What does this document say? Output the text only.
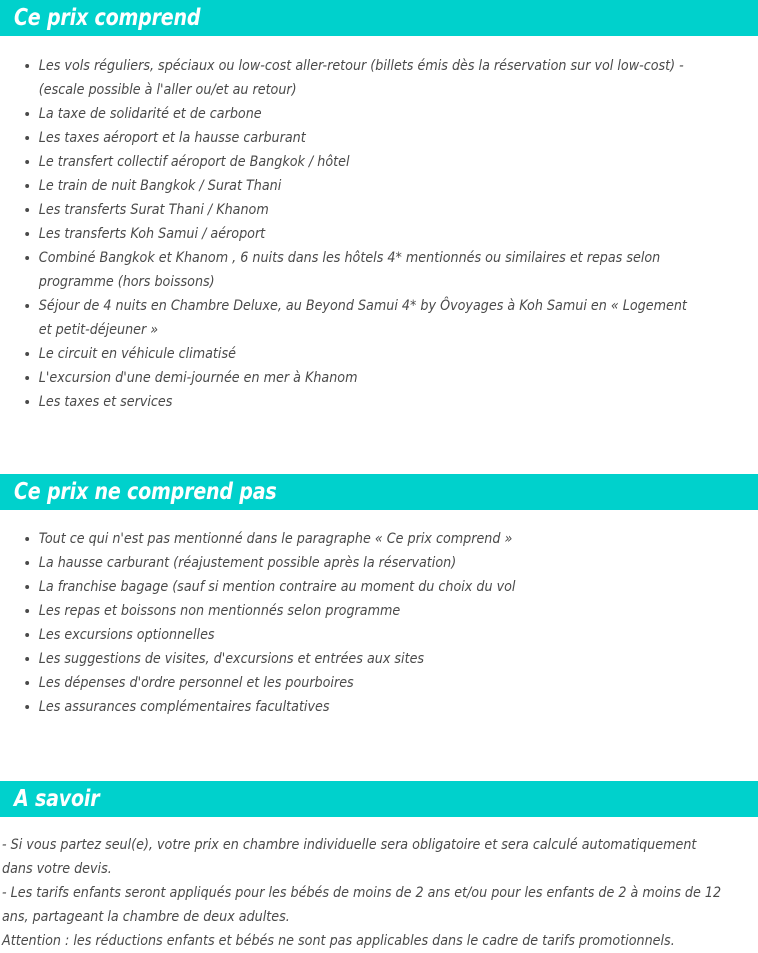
Ce prix comprend
Les vols réguliers, spéciaux ou low-cost aller-retour (billets émis dès la réservation sur vol low-cost) - (escale possible à l'aller ou/et au retour)
La taxe de solidarité et de carbone
Les taxes aéroport et la hausse carburant
Le transfert collectif aéroport de Bangkok / hôtel
Le train de nuit Bangkok / Surat Thani
Les transferts Surat Thani / Khanom
Les transferts Koh Samui / aéroport
Combiné Bangkok et Khanom , 6 nuits dans les hôtels 4* mentionnés ou similaires et repas selon programme (hors boissons)
Séjour de 4 nuits en Chambre Deluxe, au Beyond Samui 4* by Ôvoyages à Koh Samui en « Logement et petit-déjeuner »
Le circuit en véhicule climatisé
L'excursion d'une demi-journée en mer à Khanom
Les taxes et services
Ce prix ne comprend pas
Tout ce qui n'est pas mentionné dans le paragraphe « Ce prix comprend »
La hausse carburant (réajustement possible après la réservation)
La franchise bagage (sauf si mention contraire au moment du choix du vol
Les repas et boissons non mentionnés selon programme
Les excursions optionnelles
Les suggestions de visites, d'excursions et entrées aux sites
Les dépenses d'ordre personnel et les pourboires
Les assurances complémentaires facultatives
A savoir

- Si vous partez seul(e), votre prix en chambre individuelle sera obligatoire et sera calculé automatiquement dans votre devis.

- Les tarifs enfants seront appliqués pour les bébés de moins de 2 ans et/ou pour les enfants de 2 à moins de 12 ans, partageant la chambre de deux adultes.

Attention : les réductions enfants et bébés ne sont pas applicables dans le cadre de tarifs promotionnels.
